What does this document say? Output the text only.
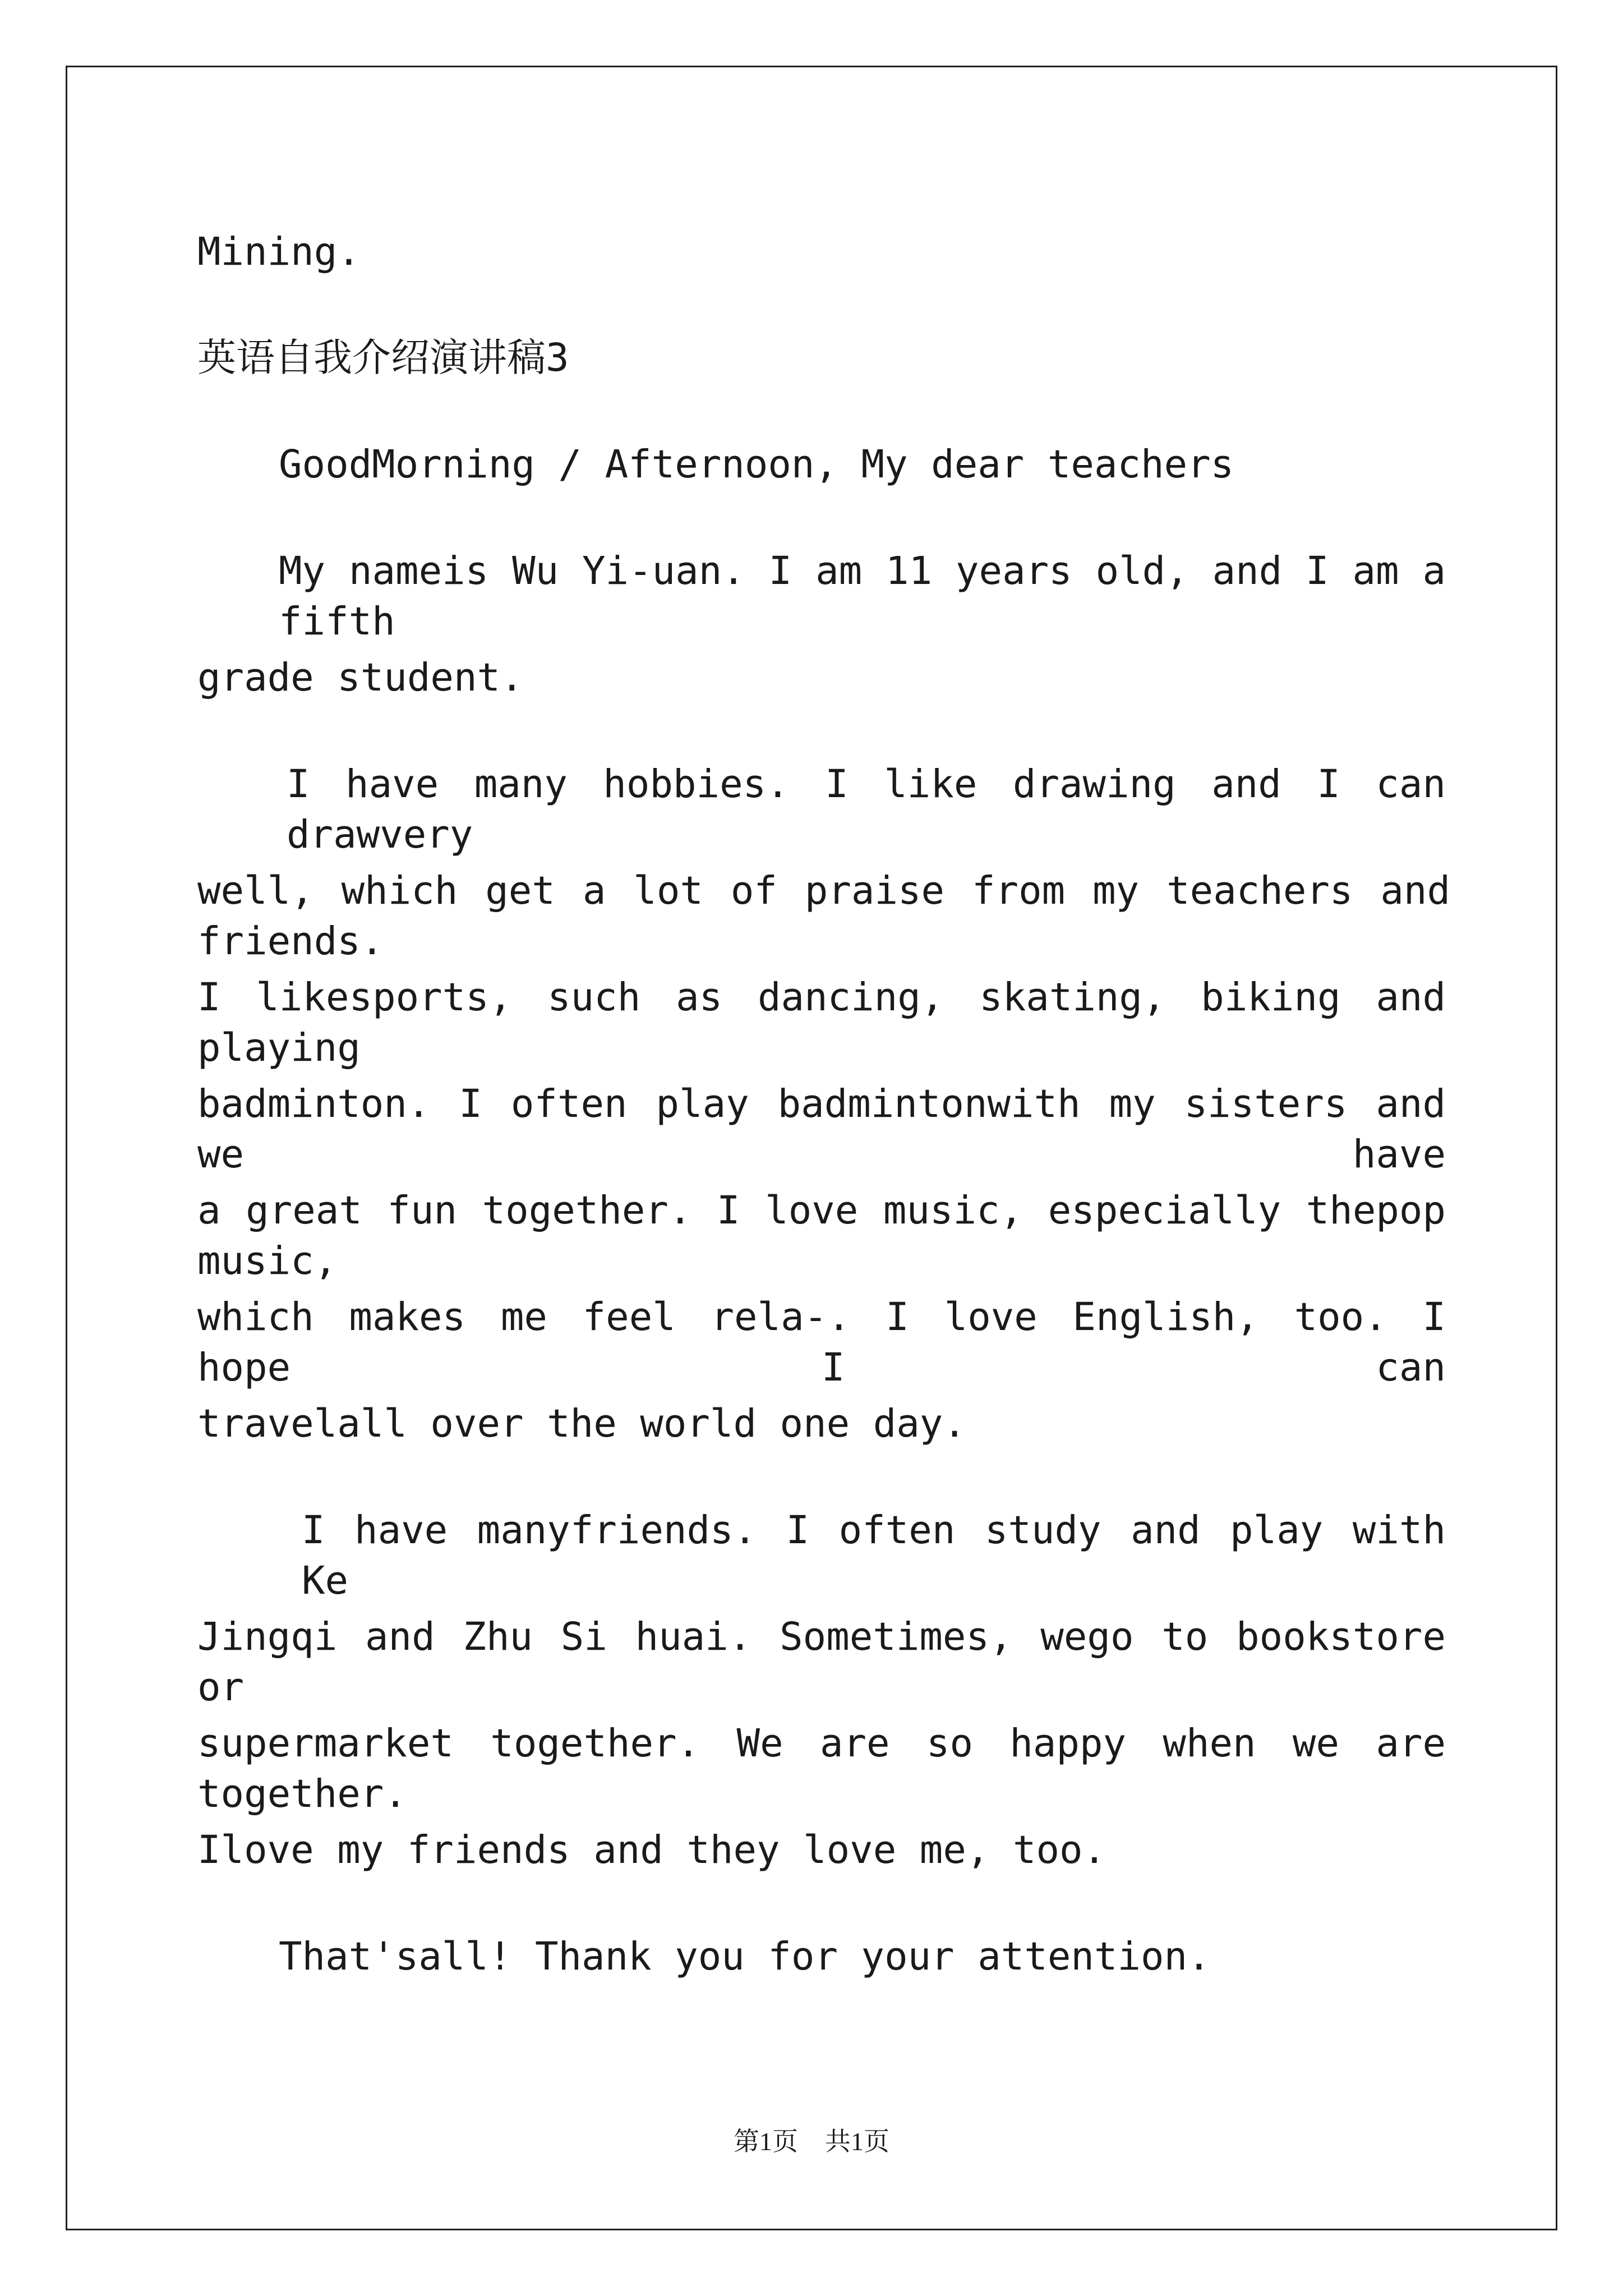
Mining.
英语自我介绍演讲稿3
GoodMorning / Afternoon, My dear teachers
My nameis Wu Yi-uan. I am 11 years old, and I am a fifth
grade student.
I have many hobbies. I like drawing and I can drawvery
well, which get a lot of praise from my teachers and friends.
I likesports, such as dancing, skating, biking and playing
badminton. I often play badmintonwith my sisters and we have
a great fun together. I love music, especially thepop music,
which makes me feel rela-. I love English, too. I hope I can
travelall over the world one day.
I have manyfriends. I often study and play with Ke
Jingqi and Zhu Si huai. Sometimes, wego to bookstore or
supermarket together. We are so happy when we are together.
Ilove my friends and they love me, too.
That'sall! Thank you for your attention.
第1页 共1页
